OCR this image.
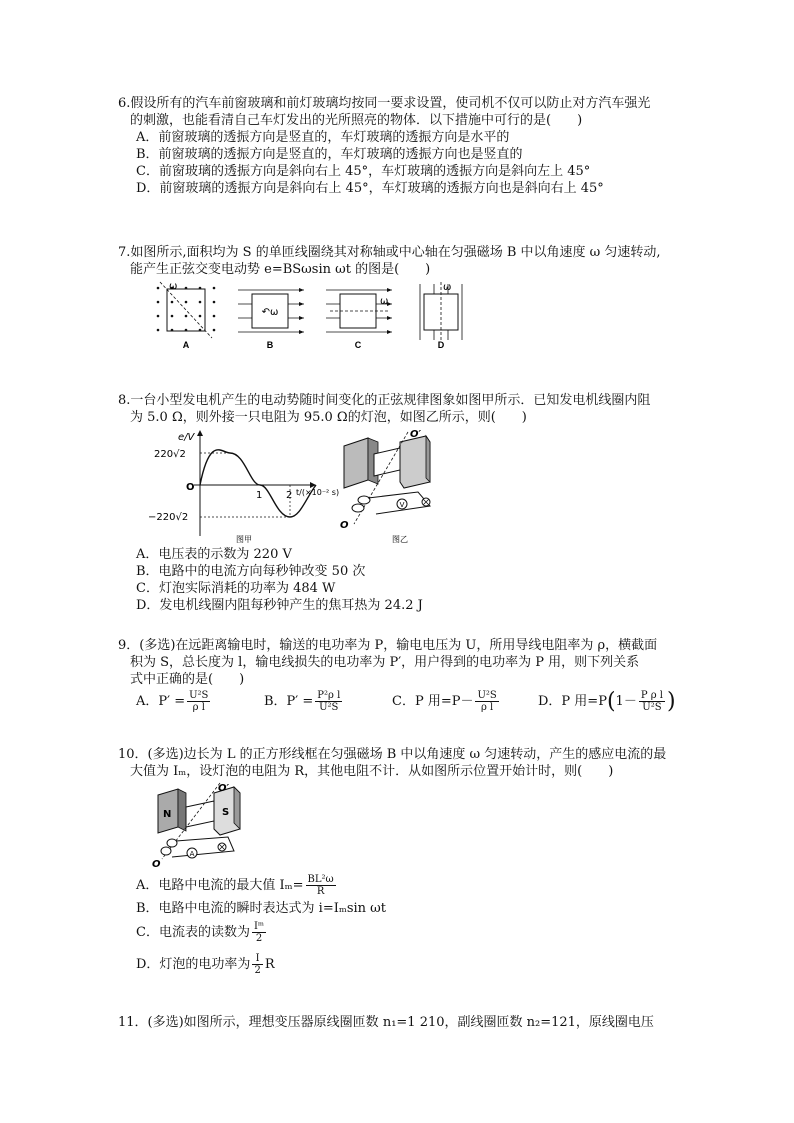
6.假设所有的汽车前窗玻璃和前灯玻璃均按同一要求设置，使司机不仅可以防止对方汽车强光
的刺激，也能看清自己车灯发出的光所照亮的物体．以下措施中可行的是(　　)
A．前窗玻璃的透振方向是竖直的，车灯玻璃的透振方向是水平的
B．前窗玻璃的透振方向是竖直的，车灯玻璃的透振方向也是竖直的
C．前窗玻璃的透振方向是斜向右上 45°，车灯玻璃的透振方向是斜向左上 45°
D．前窗玻璃的透振方向是斜向右上 45°，车灯玻璃的透振方向也是斜向右上 45°
7.如图所示,面积均为 S 的单匝线圈绕其对称轴或中心轴在匀强磁场 B 中以角速度 ω 匀速转动,
能产生正弦交变电动势 e=BSωsin ωt 的图是(　　)
ω
A
↶ω
B
ω
C
ω
D
8.一台小型发电机产生的电动势随时间变化的正弦规律图象如图甲所示．已知发电机线圈内阻
为 5.0 Ω，则外接一只电阻为 95.0 Ω的灯泡，如图乙所示，则(　　)
e/V
220√2
−220√2
O
1 2 t/(×10⁻² s)
图甲
V
O′
O
图乙
A．电压表的示数为 220 V
B．电路中的电流方向每秒钟改变 50 次
C．灯泡实际消耗的功率为 484 W
D．发电机线圈内阻每秒钟产生的焦耳热为 24.2 J
9．(多选)在远距离输电时，输送的电功率为 P，输电电压为 U，所用导线电阻率为 ρ，横截面
积为 S，总长度为 l，输电线损失的电功率为 P′，用户得到的电功率为 P 用，则下列关系
式中正确的是(　　)
A．$P' = \frac{\text{U²S}}{\text{ρ l}}$	B．$P' = \frac{\text{P²ρ l}}{\text{U²S}}$	C．P 用$=P- \frac{\text{U²S}}{\text{ρ l}}$	D．P 用$=P(1- \frac{\text{P ρ l}}{\text{U²S}}$ )
10．(多选)边长为 L 的正方形线框在匀强磁场 B 中以角速度 ω 匀速转动，产生的感应电流的最
大值为 Iₘ，设灯泡的电阻为 R，其他电阻不计．从如图所示位置开始计时，则(　　)
N	S
A
O′
O
A．电路中电流的最大值 $I_m= \frac{\text{BL²ω}}{R}$
B．电路中电流的瞬时表达式为 i=Iₘsin ωt
C．电流表的读数为 $\frac{\text{Iᵐ}}{2}$
D．灯泡的电功率为 $\frac{I}{2}$ R
11．(多选)如图所示，理想变压器原线圈匝数 n₁=1 210，副线圈匝数 n₂=121，原线圈电压
